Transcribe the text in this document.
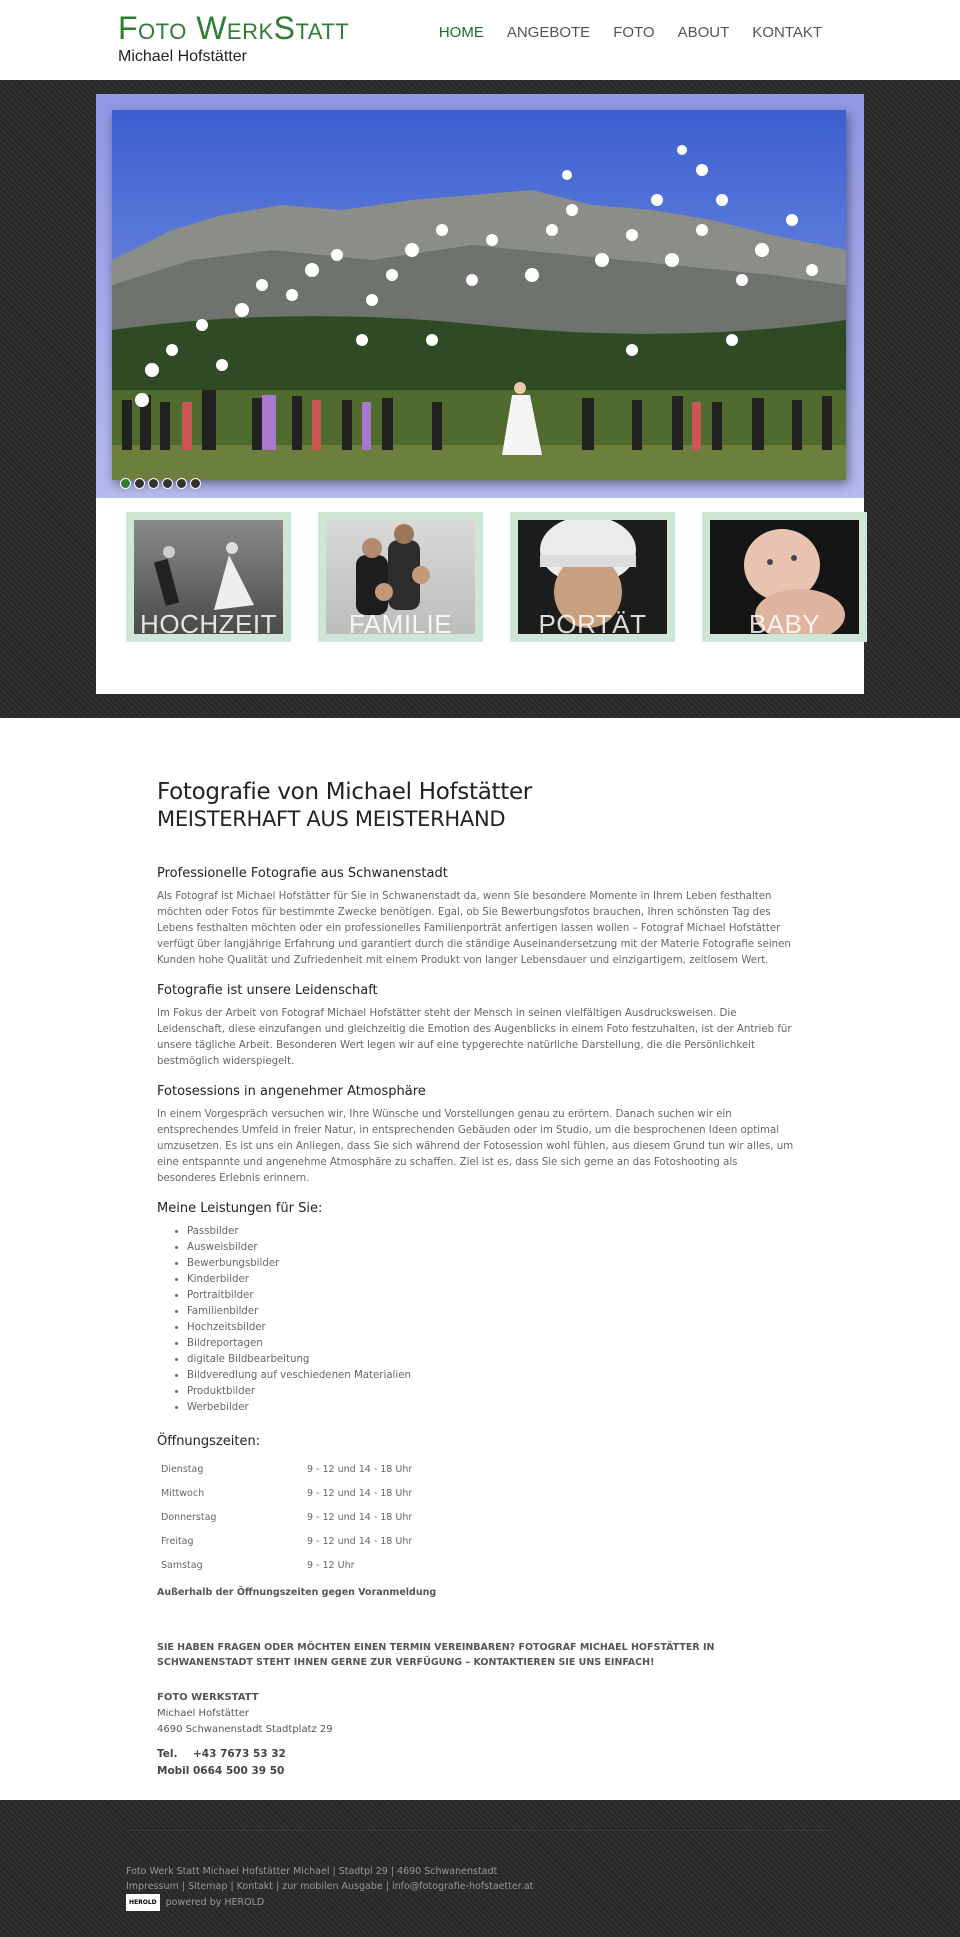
Foto WerkStatt
Michael Hofstätter
HOME ANGEBOTE FOTO ABOUT KONTAKT
HOCHZEIT	FAMILIE	PORTÄT	BABY
Fotografie von Michael Hofstätter
MEISTERHAFT AUS MEISTERHAND
Professionelle Fotografie aus Schwanenstadt

Als Fotograf ist Michael Hofstätter für Sie in Schwanenstadt da, wenn Sie besondere Momente in Ihrem Leben festhalten möchten oder Fotos für bestimmte Zwecke benötigen. Egal, ob Sie Bewerbungsfotos brauchen, Ihren schönsten Tag des Lebens festhalten möchten oder ein professionelles Familienporträt anfertigen lassen wollen – Fotograf Michael Hofstätter verfügt über langjährige Erfahrung und garantiert durch die ständige Auseinandersetzung mit der Materie Fotografie seinen Kunden hohe Qualität und Zufriedenheit mit einem Produkt von langer Lebensdauer und einzigartigem, zeitlosem Wert.

Fotografie ist unsere Leidenschaft

Im Fokus der Arbeit von Fotograf Michael Hofstätter steht der Mensch in seinen vielfältigen Ausdrucksweisen. Die Leidenschaft, diese einzufangen und gleichzeitig die Emotion des Augenblicks in einem Foto festzuhalten, ist der Antrieb für unsere tägliche Arbeit. Besonderen Wert legen wir auf eine typgerechte natürliche Darstellung, die die Persönlichkeit bestmöglich widerspiegelt.

Fotosessions in angenehmer Atmosphäre

In einem Vorgespräch versuchen wir, Ihre Wünsche und Vorstellungen genau zu erörtern. Danach suchen wir ein entsprechendes Umfeld in freier Natur, in entsprechenden Gebäuden oder im Studio, um die besprochenen Ideen optimal umzusetzen. Es ist uns ein Anliegen, dass Sie sich während der Fotosession wohl fühlen, aus diesem Grund tun wir alles, um eine entspannte und angenehme Atmosphäre zu schaffen. Ziel ist es, dass Sie sich gerne an das Fotoshooting als besonderes Erlebnis erinnern.

Meine Leistungen für Sie:
• Passbilder
• Ausweisbilder
• Bewerbungsbilder
• Kinderbilder
• Portraitbilder
• Familienbilder
• Hochzeitsbilder
• Bildreportagen
• digitale Bildbearbeitung
• Bildveredlung auf veschiedenen Materialien
• Produktbilder
• Werbebilder
Öffnungszeiten:
Dienstag	9 - 12 und 14 - 18 Uhr
Mittwoch	9 - 12 und 14 - 18 Uhr
Donnerstag	9 - 12 und 14 - 18 Uhr
Freitag	9 - 12 und 14 - 18 Uhr
Samstag	9 - 12 Uhr
Außerhalb der Öffnungszeiten gegen Voranmeldung
SIE HABEN FRAGEN ODER MÖCHTEN EINEN TERMIN VEREINBAREN? FOTOGRAF MICHAEL HOFSTÄTTER IN SCHWANENSTADT STEHT IHNEN GERNE ZUR VERFÜGUNG – KONTAKTIEREN SIE UNS EINFACH!
FOTO WERKSTATT
Michael Hofstätter
4690 Schwanenstadt Stadtplatz 29
Tel. +43 7673 53 32
Mobil 0664 500 39 50
Foto Werk Statt Michael Hofstätter Michael | Stadtpl 29 | 4690 Schwanenstadt
Impressum | Sitemap | Kontakt | zur mobilen Ausgabe | info@fotografie-hofstaetter.at
HEROLD powered by HEROLD
